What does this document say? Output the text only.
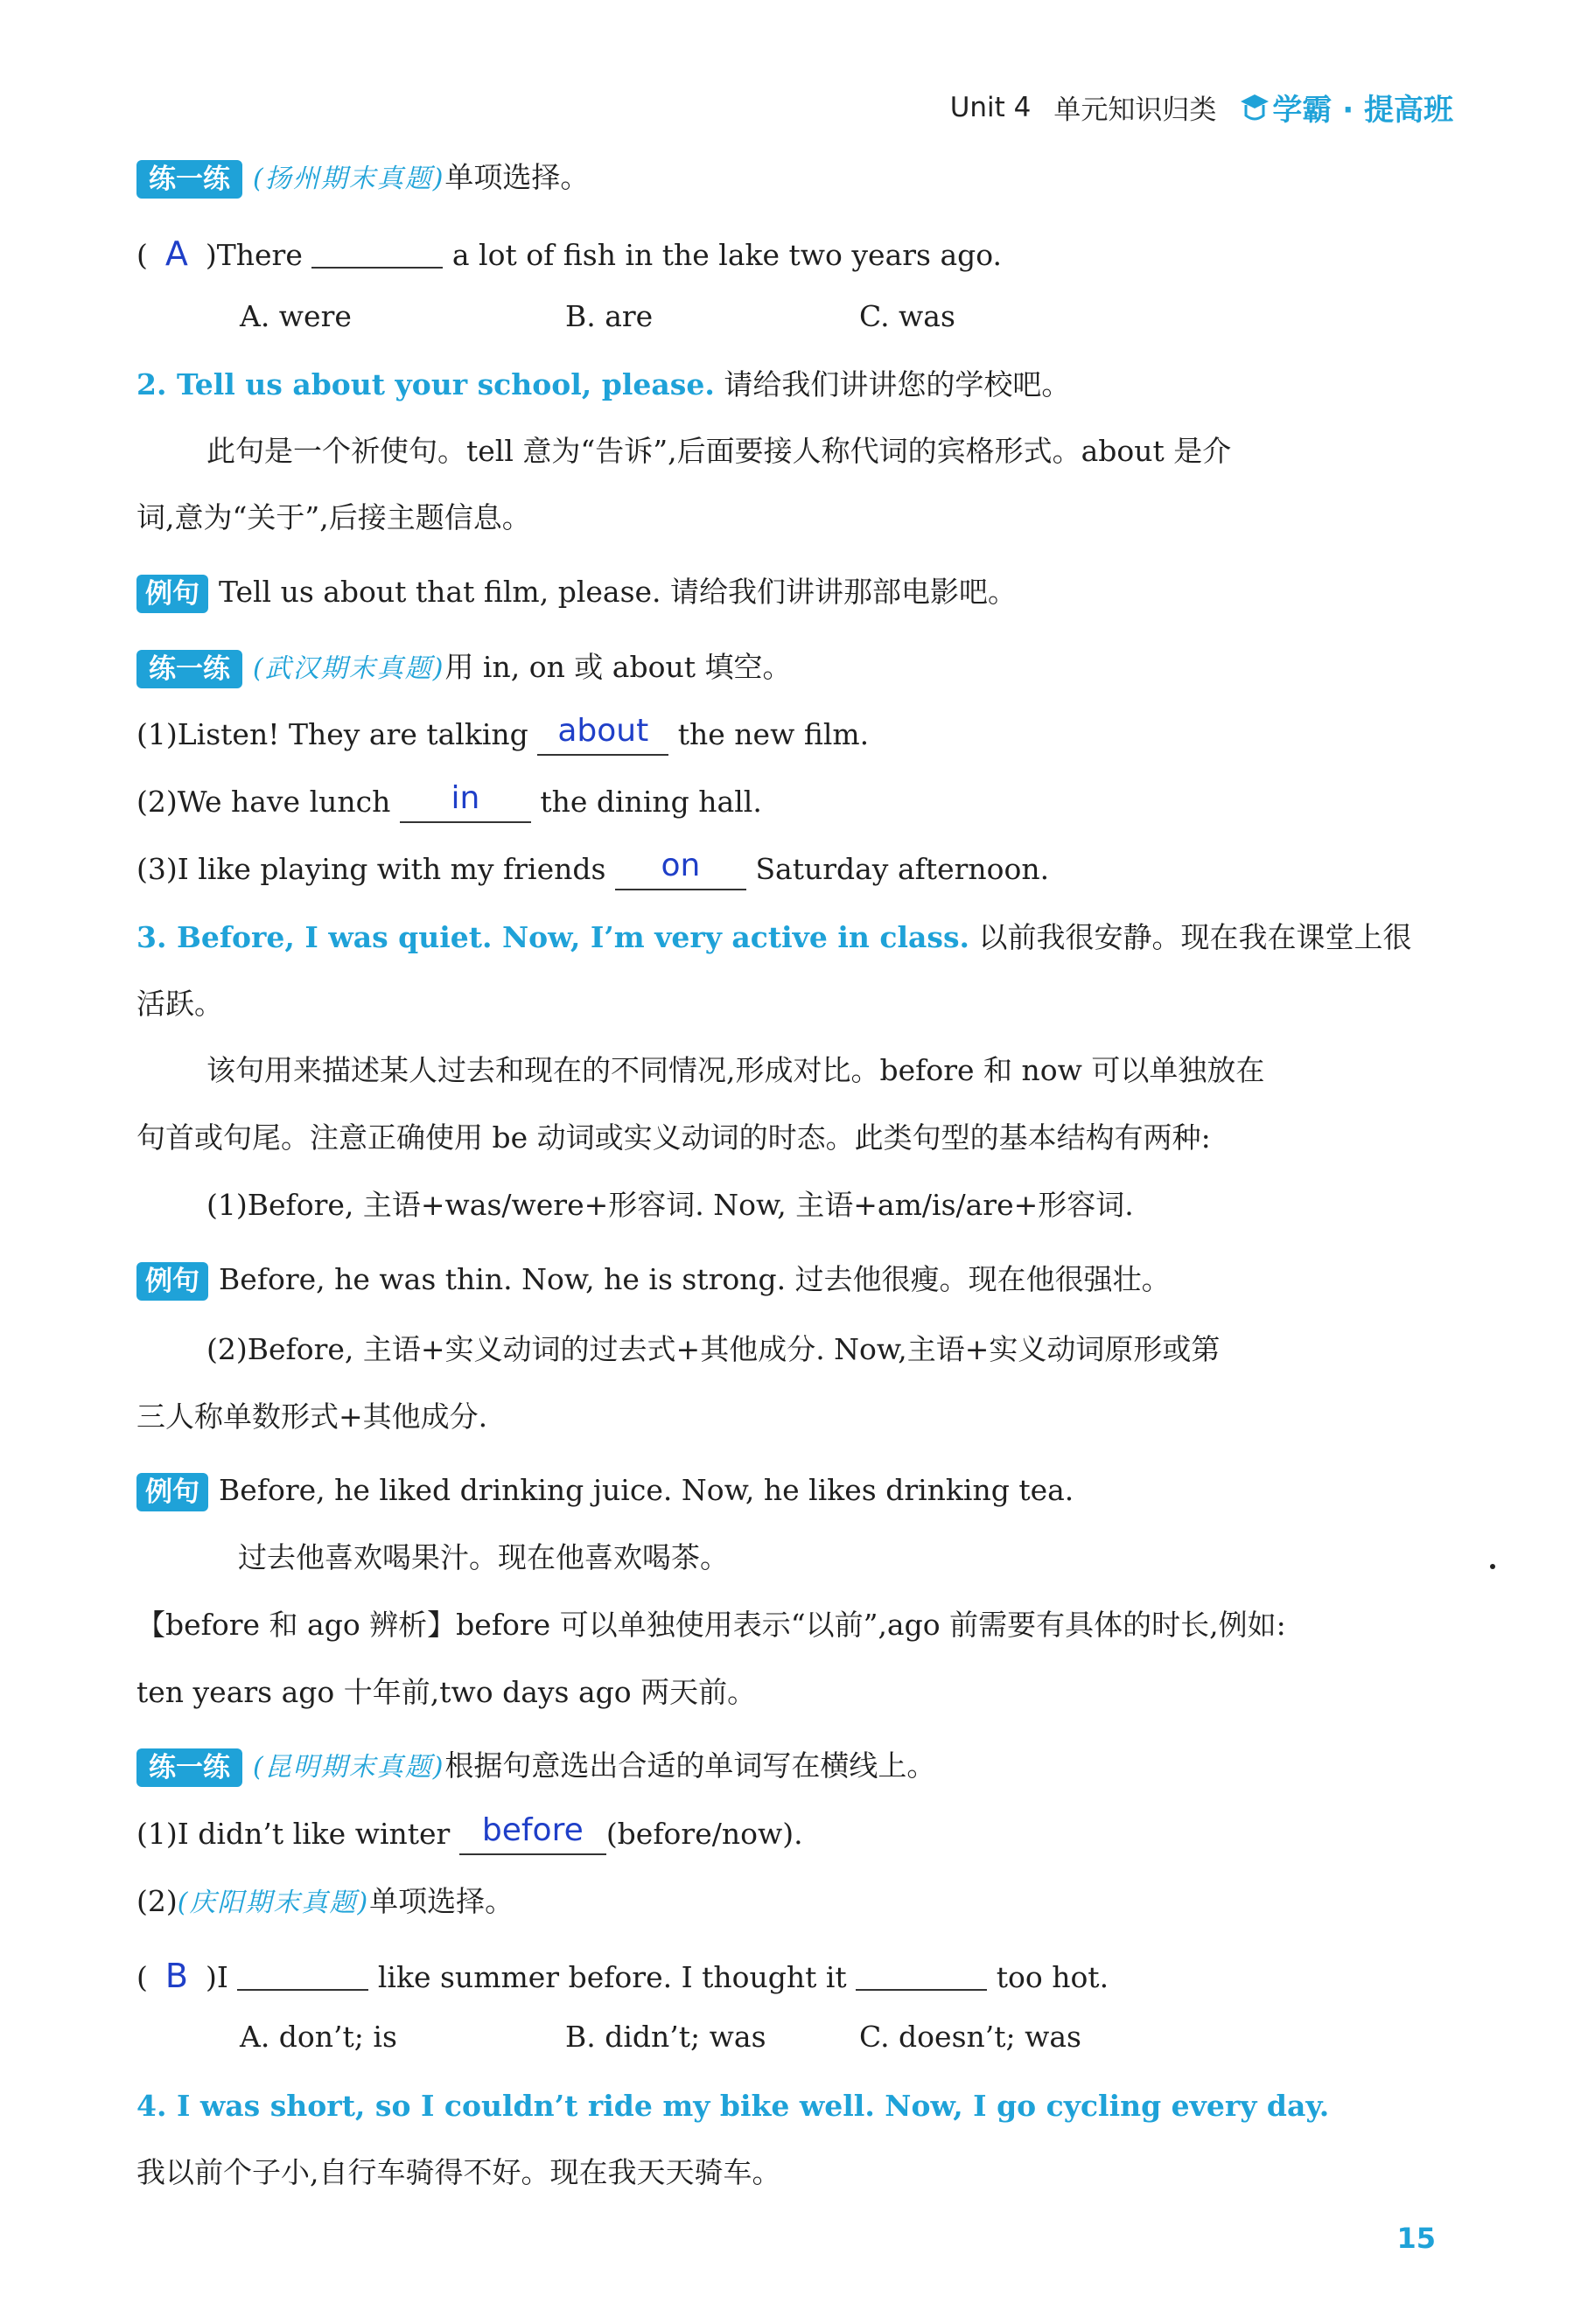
Unit 4 单元知识归类 学霸 · 提高班
练一练 (扬州期末真题)单项选择。
( A )There	a lot of fish in the lake two years ago.
A. were	B. are	C. was
2. Tell us about your school, please. 请给我们讲讲您的学校吧。
此句是一个祈使句。tell 意为“告诉”,后面要接人称代词的宾格形式。about 是介
词,意为“关于”,后接主题信息。
例句 Tell us about that film, please. 请给我们讲讲那部电影吧。
练一练 (武汉期末真题)用 in, on 或 about 填空。
(1)Listen! They are talking about the new film.
(2)We have lunch in the dining hall.
(3)I like playing with my friends on Saturday afternoon.
3. Before, I was quiet. Now, I’m very active in class. 以前我很安静。现在我在课堂上很
活跃。
该句用来描述某人过去和现在的不同情况,形成对比。before 和 now 可以单独放在
句首或句尾。注意正确使用 be 动词或实义动词的时态。此类句型的基本结构有两种:
(1)Before, 主语+was/were+形容词. Now, 主语+am/is/are+形容词.
例句 Before, he was thin. Now, he is strong. 过去他很瘦。现在他很强壮。
(2)Before, 主语+实义动词的过去式+其他成分. Now,主语+实义动词原形或第
三人称单数形式+其他成分.
例句 Before, he liked drinking juice. Now, he likes drinking tea.
过去他喜欢喝果汁。现在他喜欢喝茶。
【before 和 ago 辨析】before 可以单独使用表示“以前”,ago 前需要有具体的时长,例如:
ten years ago 十年前,two days ago 两天前。
练一练 (昆明期末真题)根据句意选出合适的单词写在横线上。
(1)I didn’t like winter before (before/now).
(2)(庆阳期末真题)单项选择。
( B )I	like summer before. I thought it	too hot.
A. don’t; is	B. didn’t; was	C. doesn’t; was
4. I was short, so I couldn’t ride my bike well. Now, I go cycling every day.
我以前个子小,自行车骑得不好。现在我天天骑车。
15
